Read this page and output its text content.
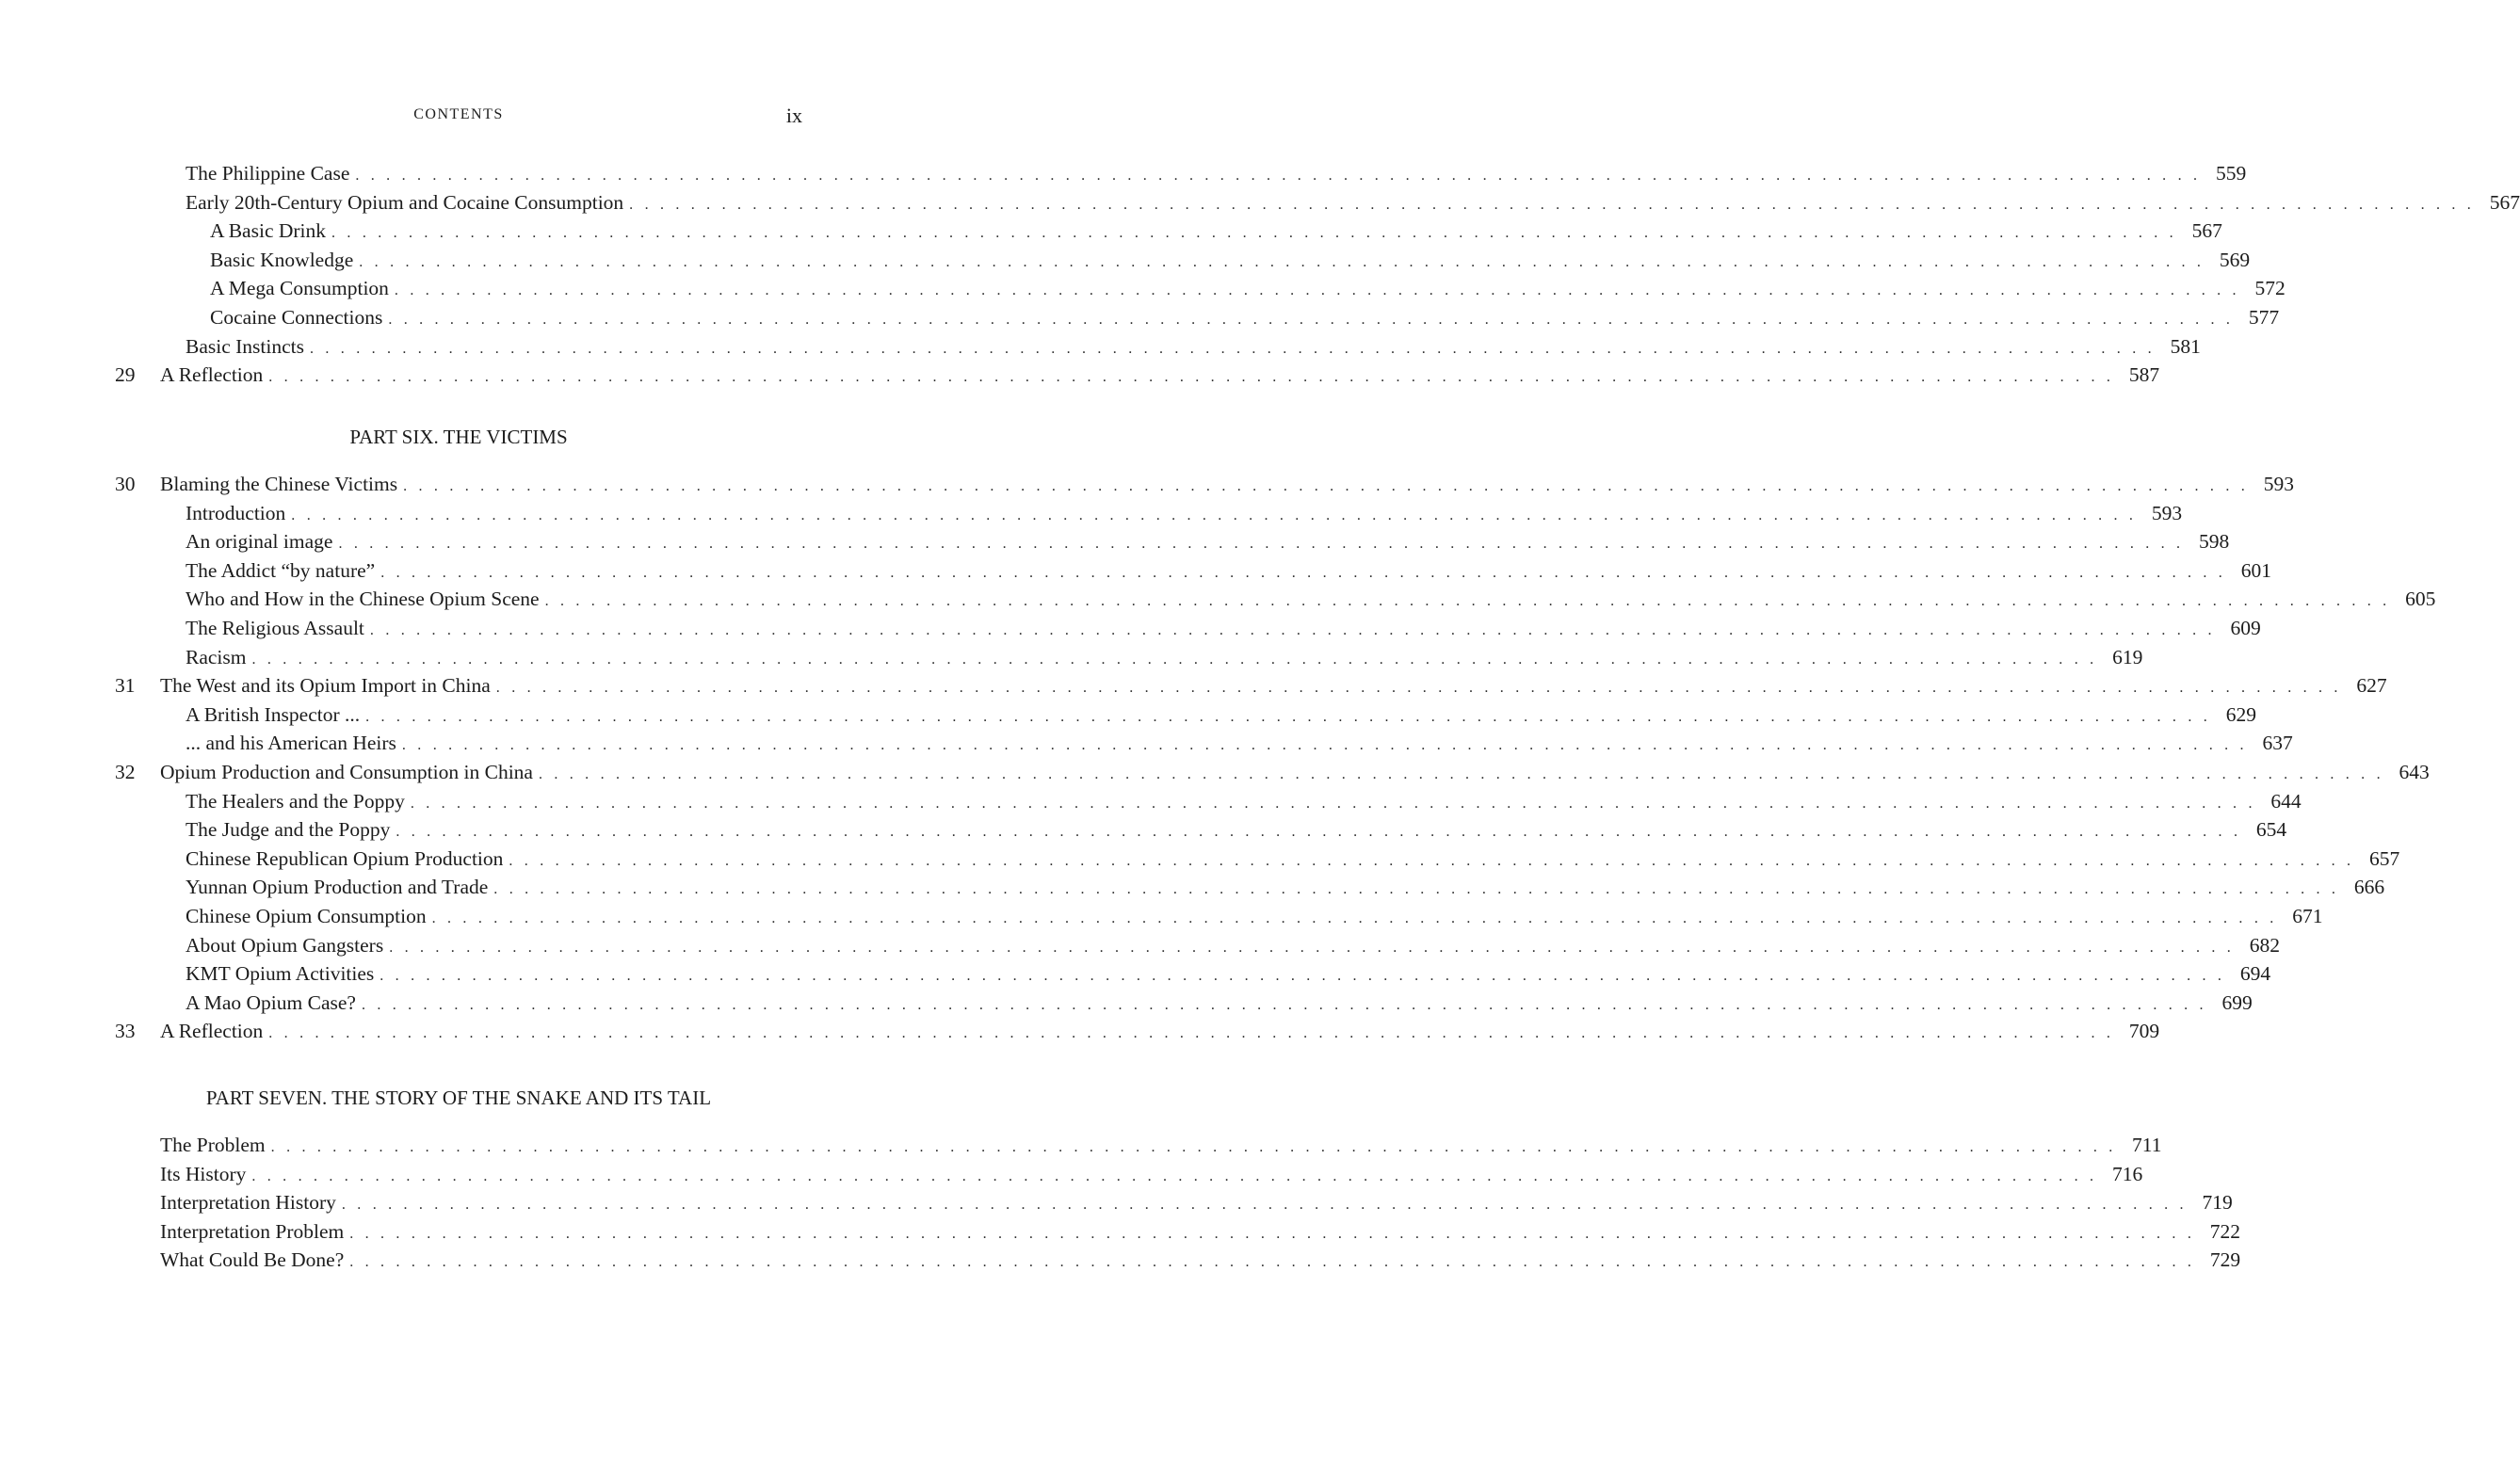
CONTENTS	ix
The Philippine Case . . . . . . . . . . . . . . . . . . . . . . . . . . . . . . . . . . . . . . . . . . . . . . . . . . . . . . . . . . . . . . . . . . . . . . . . . . . . . . . . . . . . . . . . . . . . . . . . . . . . . . . . . . . . . . . . . . . . . . . . 559
Early 20th-Century Opium and Cocaine Consumption . . . . . . . . . . . . . . . . . . . . . . . . . . . . . . . . . . . . . . . . . . . . . . . . . . . . . . . . . . . . . . . . . . . . . . . . . . . . . . . . . . . . . . . . . . . . . . . . . . . . . . . . . . . . . . . . . . . . . . . . 567
A Basic Drink . . . . . . . . . . . . . . . . . . . . . . . . . . . . . . . . . . . . . . . . . . . . . . . . . . . . . . . . . . . . . . . . . . . . . . . . . . . . . . . . . . . . . . . . . . . . . . . . . . . . . . . . . . . . . . . . . . . . . . . . 567
Basic Knowledge . . . . . . . . . . . . . . . . . . . . . . . . . . . . . . . . . . . . . . . . . . . . . . . . . . . . . . . . . . . . . . . . . . . . . . . . . . . . . . . . . . . . . . . . . . . . . . . . . . . . . . . . . . . . . . . . . . . . . . . . 569
A Mega Consumption . . . . . . . . . . . . . . . . . . . . . . . . . . . . . . . . . . . . . . . . . . . . . . . . . . . . . . . . . . . . . . . . . . . . . . . . . . . . . . . . . . . . . . . . . . . . . . . . . . . . . . . . . . . . . . . . . . . . . . . . 572
Cocaine Connections . . . . . . . . . . . . . . . . . . . . . . . . . . . . . . . . . . . . . . . . . . . . . . . . . . . . . . . . . . . . . . . . . . . . . . . . . . . . . . . . . . . . . . . . . . . . . . . . . . . . . . . . . . . . . . . . . . . . . . . . 577
Basic Instincts . . . . . . . . . . . . . . . . . . . . . . . . . . . . . . . . . . . . . . . . . . . . . . . . . . . . . . . . . . . . . . . . . . . . . . . . . . . . . . . . . . . . . . . . . . . . . . . . . . . . . . . . . . . . . . . . . . . . . . . . 581
29	A Reflection . . . . . . . . . . . . . . . . . . . . . . . . . . . . . . . . . . . . . . . . . . . . . . . . . . . . . . . . . . . . . . . . . . . . . . . . . . . . . . . . . . . . . . . . . . . . . . . . . . . . . . . . . . . . . . . . . . . . . . . . 587
PART SIX. THE VICTIMS
30	Blaming the Chinese Victims . . . . . . . . . . . . . . . . . . . . . . . . . . . . . . . . . . . . . . . . . . . . . . . . . . . . . . . . . . . . . . . . . . . . . . . . . . . . . . . . . . . . . . . . . . . . . . . . . . . . . . . . . . . . . . . . . . . . . . . . 593
Introduction . . . . . . . . . . . . . . . . . . . . . . . . . . . . . . . . . . . . . . . . . . . . . . . . . . . . . . . . . . . . . . . . . . . . . . . . . . . . . . . . . . . . . . . . . . . . . . . . . . . . . . . . . . . . . . . . . . . . . . . . 593
An original image . . . . . . . . . . . . . . . . . . . . . . . . . . . . . . . . . . . . . . . . . . . . . . . . . . . . . . . . . . . . . . . . . . . . . . . . . . . . . . . . . . . . . . . . . . . . . . . . . . . . . . . . . . . . . . . . . . . . . . . . 598
The Addict “by nature” . . . . . . . . . . . . . . . . . . . . . . . . . . . . . . . . . . . . . . . . . . . . . . . . . . . . . . . . . . . . . . . . . . . . . . . . . . . . . . . . . . . . . . . . . . . . . . . . . . . . . . . . . . . . . . . . . . . . . . . . 601
Who and How in the Chinese Opium Scene . . . . . . . . . . . . . . . . . . . . . . . . . . . . . . . . . . . . . . . . . . . . . . . . . . . . . . . . . . . . . . . . . . . . . . . . . . . . . . . . . . . . . . . . . . . . . . . . . . . . . . . . . . . . . . . . . . . . . . . . 605
The Religious Assault . . . . . . . . . . . . . . . . . . . . . . . . . . . . . . . . . . . . . . . . . . . . . . . . . . . . . . . . . . . . . . . . . . . . . . . . . . . . . . . . . . . . . . . . . . . . . . . . . . . . . . . . . . . . . . . . . . . . . . . . 609
Racism . . . . . . . . . . . . . . . . . . . . . . . . . . . . . . . . . . . . . . . . . . . . . . . . . . . . . . . . . . . . . . . . . . . . . . . . . . . . . . . . . . . . . . . . . . . . . . . . . . . . . . . . . . . . . . . . . . . . . . . . 619
31	The West and its Opium Import in China . . . . . . . . . . . . . . . . . . . . . . . . . . . . . . . . . . . . . . . . . . . . . . . . . . . . . . . . . . . . . . . . . . . . . . . . . . . . . . . . . . . . . . . . . . . . . . . . . . . . . . . . . . . . . . . . . . . . . . . . 627
A British Inspector ... . . . . . . . . . . . . . . . . . . . . . . . . . . . . . . . . . . . . . . . . . . . . . . . . . . . . . . . . . . . . . . . . . . . . . . . . . . . . . . . . . . . . . . . . . . . . . . . . . . . . . . . . . . . . . . . . . . . . . . . . 629
... and his American Heirs . . . . . . . . . . . . . . . . . . . . . . . . . . . . . . . . . . . . . . . . . . . . . . . . . . . . . . . . . . . . . . . . . . . . . . . . . . . . . . . . . . . . . . . . . . . . . . . . . . . . . . . . . . . . . . . . . . . . . . . . 637
32	Opium Production and Consumption in China . . . . . . . . . . . . . . . . . . . . . . . . . . . . . . . . . . . . . . . . . . . . . . . . . . . . . . . . . . . . . . . . . . . . . . . . . . . . . . . . . . . . . . . . . . . . . . . . . . . . . . . . . . . . . . . . . . . . . . . . 643
The Healers and the Poppy . . . . . . . . . . . . . . . . . . . . . . . . . . . . . . . . . . . . . . . . . . . . . . . . . . . . . . . . . . . . . . . . . . . . . . . . . . . . . . . . . . . . . . . . . . . . . . . . . . . . . . . . . . . . . . . . . . . . . . . . 644
The Judge and the Poppy . . . . . . . . . . . . . . . . . . . . . . . . . . . . . . . . . . . . . . . . . . . . . . . . . . . . . . . . . . . . . . . . . . . . . . . . . . . . . . . . . . . . . . . . . . . . . . . . . . . . . . . . . . . . . . . . . . . . . . . . 654
Chinese Republican Opium Production . . . . . . . . . . . . . . . . . . . . . . . . . . . . . . . . . . . . . . . . . . . . . . . . . . . . . . . . . . . . . . . . . . . . . . . . . . . . . . . . . . . . . . . . . . . . . . . . . . . . . . . . . . . . . . . . . . . . . . . . 657
Yunnan Opium Production and Trade . . . . . . . . . . . . . . . . . . . . . . . . . . . . . . . . . . . . . . . . . . . . . . . . . . . . . . . . . . . . . . . . . . . . . . . . . . . . . . . . . . . . . . . . . . . . . . . . . . . . . . . . . . . . . . . . . . . . . . . . 666
Chinese Opium Consumption . . . . . . . . . . . . . . . . . . . . . . . . . . . . . . . . . . . . . . . . . . . . . . . . . . . . . . . . . . . . . . . . . . . . . . . . . . . . . . . . . . . . . . . . . . . . . . . . . . . . . . . . . . . . . . . . . . . . . . . . 671
About Opium Gangsters . . . . . . . . . . . . . . . . . . . . . . . . . . . . . . . . . . . . . . . . . . . . . . . . . . . . . . . . . . . . . . . . . . . . . . . . . . . . . . . . . . . . . . . . . . . . . . . . . . . . . . . . . . . . . . . . . . . . . . . . 682
KMT Opium Activities . . . . . . . . . . . . . . . . . . . . . . . . . . . . . . . . . . . . . . . . . . . . . . . . . . . . . . . . . . . . . . . . . . . . . . . . . . . . . . . . . . . . . . . . . . . . . . . . . . . . . . . . . . . . . . . . . . . . . . . . 694
A Mao Opium Case? . . . . . . . . . . . . . . . . . . . . . . . . . . . . . . . . . . . . . . . . . . . . . . . . . . . . . . . . . . . . . . . . . . . . . . . . . . . . . . . . . . . . . . . . . . . . . . . . . . . . . . . . . . . . . . . . . . . . . . . . 699
33	A Reflection . . . . . . . . . . . . . . . . . . . . . . . . . . . . . . . . . . . . . . . . . . . . . . . . . . . . . . . . . . . . . . . . . . . . . . . . . . . . . . . . . . . . . . . . . . . . . . . . . . . . . . . . . . . . . . . . . . . . . . . . 709
PART SEVEN. THE STORY OF THE SNAKE AND ITS TAIL
The Problem . . . . . . . . . . . . . . . . . . . . . . . . . . . . . . . . . . . . . . . . . . . . . . . . . . . . . . . . . . . . . . . . . . . . . . . . . . . . . . . . . . . . . . . . . . . . . . . . . . . . . . . . . . . . . . . . . . . . . . . . 711
Its History . . . . . . . . . . . . . . . . . . . . . . . . . . . . . . . . . . . . . . . . . . . . . . . . . . . . . . . . . . . . . . . . . . . . . . . . . . . . . . . . . . . . . . . . . . . . . . . . . . . . . . . . . . . . . . . . . . . . . . . . 716
Interpretation History . . . . . . . . . . . . . . . . . . . . . . . . . . . . . . . . . . . . . . . . . . . . . . . . . . . . . . . . . . . . . . . . . . . . . . . . . . . . . . . . . . . . . . . . . . . . . . . . . . . . . . . . . . . . . . . . . . . . . . . . 719
Interpretation Problem . . . . . . . . . . . . . . . . . . . . . . . . . . . . . . . . . . . . . . . . . . . . . . . . . . . . . . . . . . . . . . . . . . . . . . . . . . . . . . . . . . . . . . . . . . . . . . . . . . . . . . . . . . . . . . . . . . . . . . . . 722
What Could Be Done? . . . . . . . . . . . . . . . . . . . . . . . . . . . . . . . . . . . . . . . . . . . . . . . . . . . . . . . . . . . . . . . . . . . . . . . . . . . . . . . . . . . . . . . . . . . . . . . . . . . . . . . . . . . . . . . . . . . . . . . . 729
